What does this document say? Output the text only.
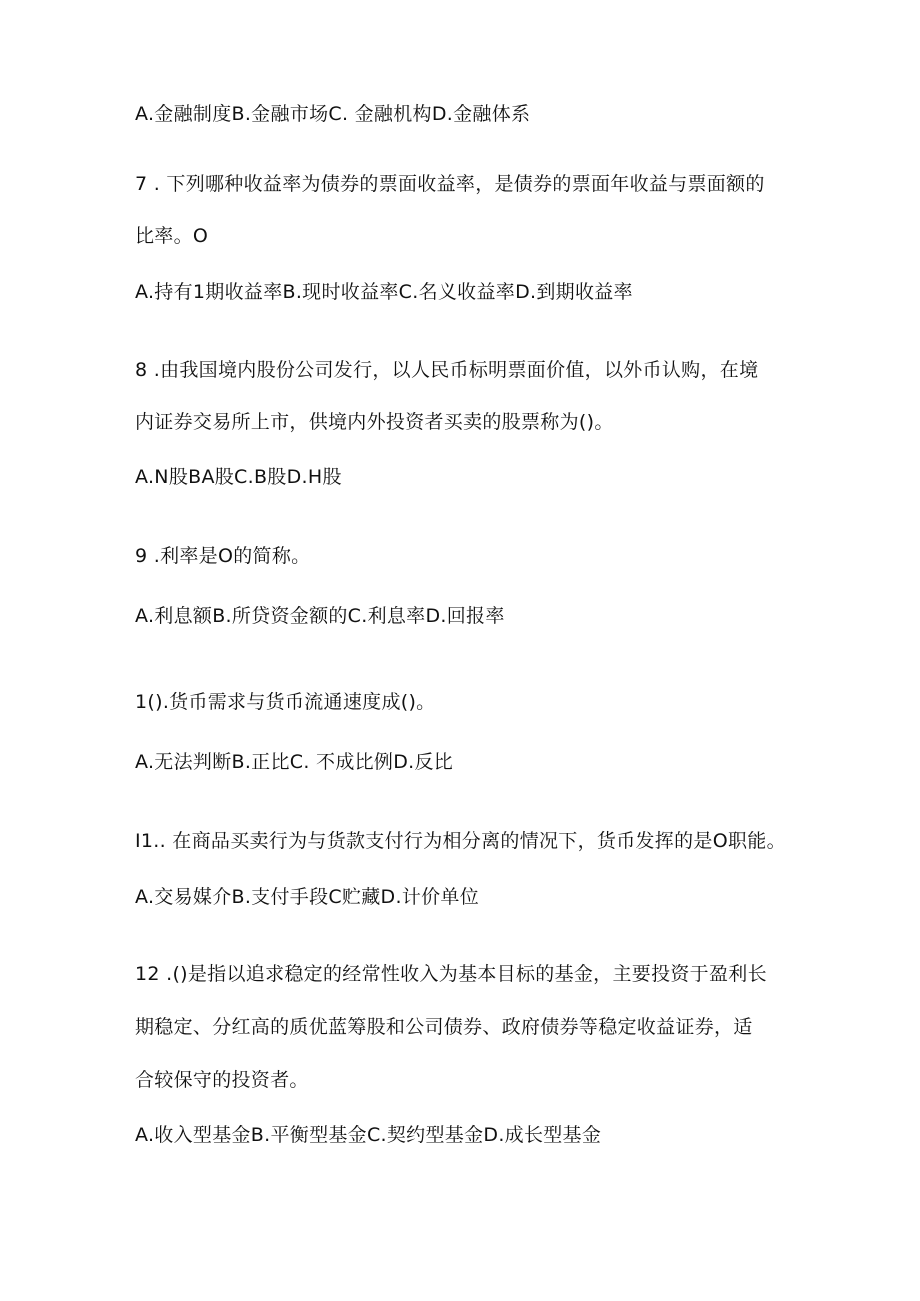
A.金融制度B.金融市场C. 金融机构D.金融体系
7 . 下列哪种收益率为债券的票面收益率，是债券的票面年收益与票面额的
比率。O
A.持有1期收益率B.现时收益率C.名义收益率D.到期收益率
8 .由我国境内股份公司发行，以人民币标明票面价值，以外币认购，在境
内证券交易所上市，供境内外投资者买卖的股票称为()。
A.N股BA股C.B股D.H股
9 .利率是O的简称。
A.利息额B.所贷资金额的C.利息率D.回报率
1().货币需求与货币流通速度成()。
A.无法判断B.正比C. 不成比例D.反比
I1.. 在商品买卖行为与货款支付行为相分离的情况下，货币发挥的是O职能。
A.交易媒介B.支付手段C贮藏D.计价单位
12 .()是指以追求稳定的经常性收入为基本目标的基金，主要投资于盈利长
期稳定、分红高的质优蓝筹股和公司债券、政府债券等稳定收益证券，适
合较保守的投资者。
A.收入型基金B.平衡型基金C.契约型基金D.成长型基金
